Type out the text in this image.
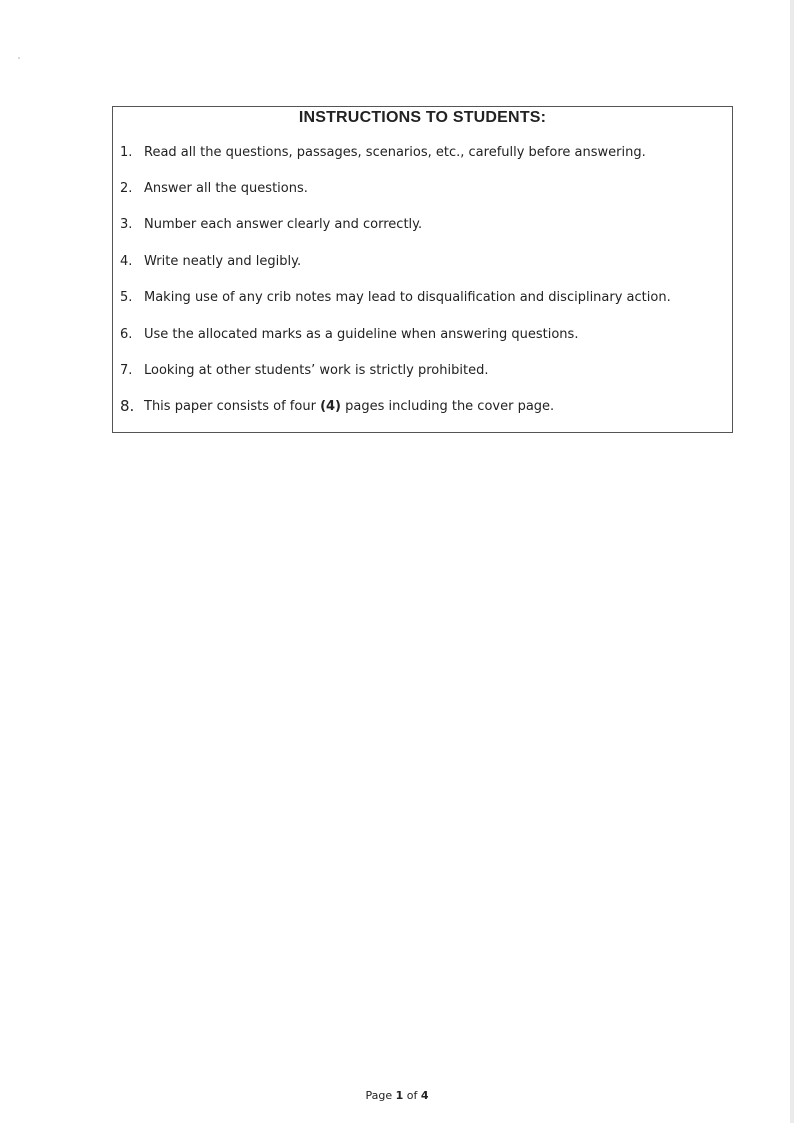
INSTRUCTIONS TO STUDENTS:
1. Read all the questions, passages, scenarios, etc., carefully before answering.
2. Answer all the questions.
3. Number each answer clearly and correctly.
4. Write neatly and legibly.
5. Making use of any crib notes may lead to disqualification and disciplinary action.
6. Use the allocated marks as a guideline when answering questions.
7. Looking at other students’ work is strictly prohibited.
8. This paper consists of four (4) pages including the cover page.
Page 1 of 4
